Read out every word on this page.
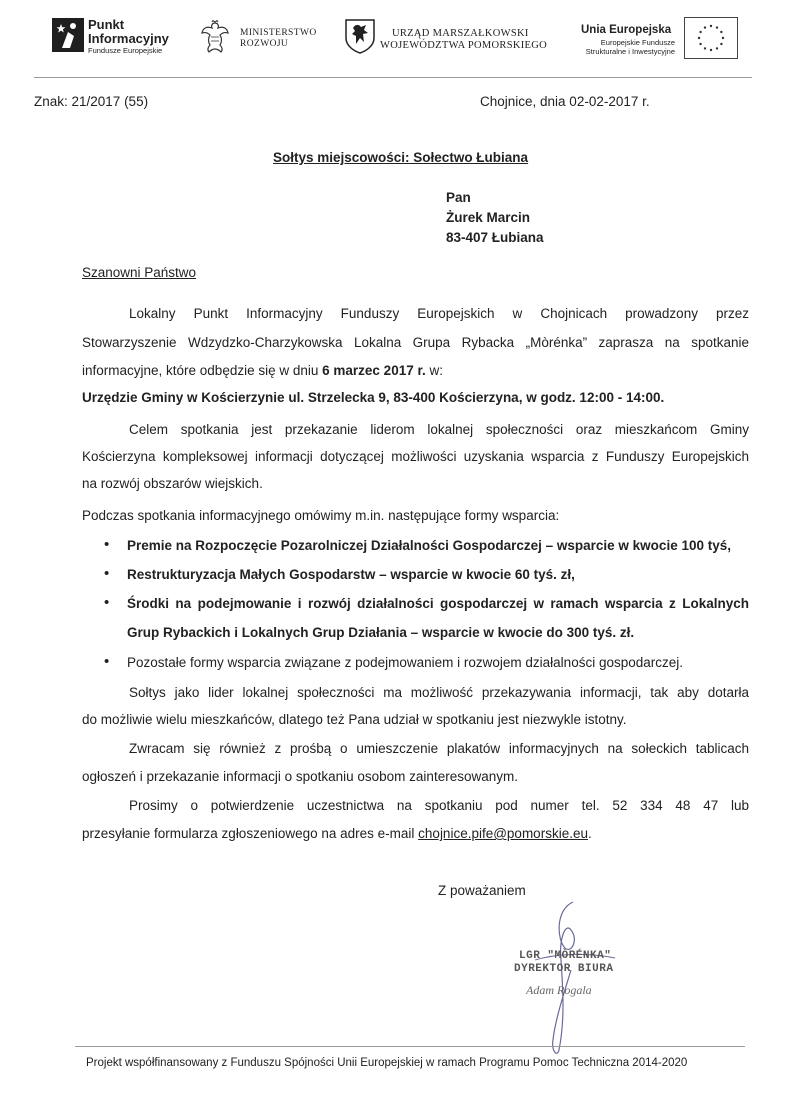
Punkt
Informacyjny
Fundusze Europejskie
MINISTERSTWO
ROZWOJU
URZĄD MARSZAŁKOWSKI
WOJEWÓDZTWA POMORSKIEGO
Unia Europejska
Europejskie Fundusze
Strukturalne i Inwestycyjne
Znak: 21/2017 (55)	Chojnice, dnia 02-02-2017 r.
Sołtys miejscowości: Sołectwo Łubiana
Pan
Żurek Marcin
83-407 Łubiana
Szanowni Państwo
Lokalny Punkt Informacyjny Funduszy Europejskich w Chojnicach prowadzony przez
Stowarzyszenie Wdzydzko-Charzykowska Lokalna Grupa Rybacka „Mòrénka” zaprasza na spotkanie
informacyjne, które odbędzie się w dniu 6 marzec 2017 r. w:
Urzędzie Gminy w Kościerzynie ul. Strzelecka 9, 83-400 Kościerzyna, w godz. 12:00 - 14:00.
Celem spotkania jest przekazanie liderom lokalnej społeczności oraz mieszkańcom Gminy
Kościerzyna kompleksowej informacji dotyczącej możliwości uzyskania wsparcia z Funduszy Europejskich
na rozwój obszarów wiejskich.
Podczas spotkania informacyjnego omówimy m.in. następujące formy wsparcia:
• Premie na Rozpoczęcie Pozarolniczej Działalności Gospodarczej – wsparcie w kwocie 100 tyś,
• Restrukturyzacja Małych Gospodarstw – wsparcie w kwocie 60 tyś. zł,
• Środki na podejmowanie i rozwój działalności gospodarczej w ramach wsparcia z Lokalnych
Grup Rybackich i Lokalnych Grup Działania – wsparcie w kwocie do 300 tyś. zł.
• Pozostałe formy wsparcia związane z podejmowaniem i rozwojem działalności gospodarczej.
Sołtys jako lider lokalnej społeczności ma możliwość przekazywania informacji, tak aby dotarła
do możliwie wielu mieszkańców, dlatego też Pana udział w spotkaniu jest niezwykle istotny.
Zwracam się również z prośbą o umieszczenie plakatów informacyjnych na sołeckich tablicach
ogłoszeń i przekazanie informacji o spotkaniu osobom zainteresowanym.
Prosimy o potwierdzenie uczestnictwa na spotkaniu pod numer tel. 52 334 48 47 lub
przesyłanie formularza zgłoszeniowego na adres e-mail chojnice.pife@pomorskie.eu.
Z poważaniem
LGR "MÒRÉNKA"
DYREKTOR BIURA
Adam Rogala
Projekt współfinansowany z Funduszu Spójności Unii Europejskiej w ramach Programu Pomoc Techniczna 2014-2020
